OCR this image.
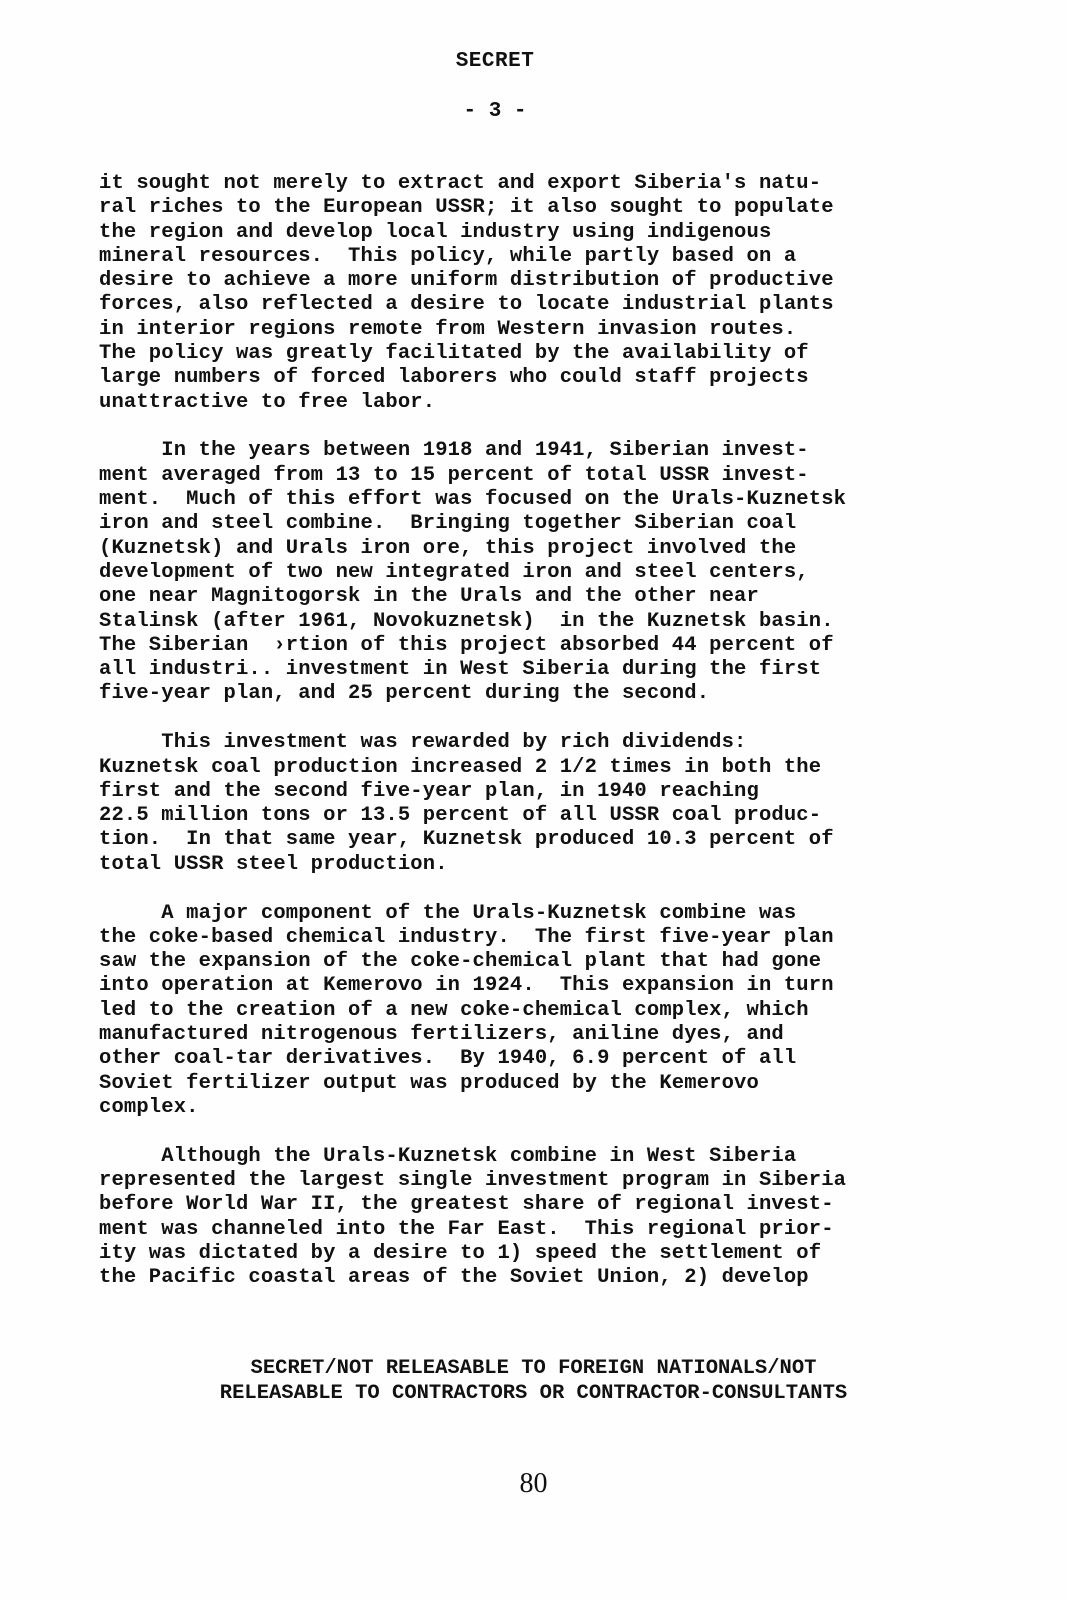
SECRET
- 3 -
it sought not merely to extract and export Siberia's natu-
ral riches to the European USSR; it also sought to populate
the region and develop local industry using indigenous
mineral resources.  This policy, while partly based on a
desire to achieve a more uniform distribution of productive
forces, also reflected a desire to locate industrial plants
in interior regions remote from Western invasion routes.
The policy was greatly facilitated by the availability of
large numbers of forced laborers who could staff projects
unattractive to free labor.
In the years between 1918 and 1941, Siberian invest-
ment averaged from 13 to 15 percent of total USSR invest-
ment.  Much of this effort was focused on the Urals-Kuznetsk
iron and steel combine.  Bringing together Siberian coal
(Kuznetsk) and Urals iron ore, this project involved the
development of two new integrated iron and steel centers,
one near Magnitogorsk in the Urals and the other near
Stalinsk (after 1961, Novokuznetsk)  in the Kuznetsk basin.
The Siberian  ›rtion of this project absorbed 44 percent of
all industri.. investment in West Siberia during the first
five-year plan, and 25 percent during the second.
This investment was rewarded by rich dividends:
Kuznetsk coal production increased 2 1/2 times in both the
first and the second five-year plan, in 1940 reaching
22.5 million tons or 13.5 percent of all USSR coal produc-
tion.  In that same year, Kuznetsk produced 10.3 percent of
total USSR steel production.
A major component of the Urals-Kuznetsk combine was
the coke-based chemical industry.  The first five-year plan
saw the expansion of the coke-chemical plant that had gone
into operation at Kemerovo in 1924.  This expansion in turn
led to the creation of a new coke-chemical complex, which
manufactured nitrogenous fertilizers, aniline dyes, and
other coal-tar derivatives.  By 1940, 6.9 percent of all
Soviet fertilizer output was produced by the Kemerovo
complex.
Although the Urals-Kuznetsk combine in West Siberia
represented the largest single investment program in Siberia
before World War II, the greatest share of regional invest-
ment was channeled into the Far East.  This regional prior-
ity was dictated by a desire to 1) speed the settlement of
the Pacific coastal areas of the Soviet Union, 2) develop
SECRET/NOT RELEASABLE TO FOREIGN NATIONALS/NOT
RELEASABLE TO CONTRACTORS OR CONTRACTOR-CONSULTANTS
80
